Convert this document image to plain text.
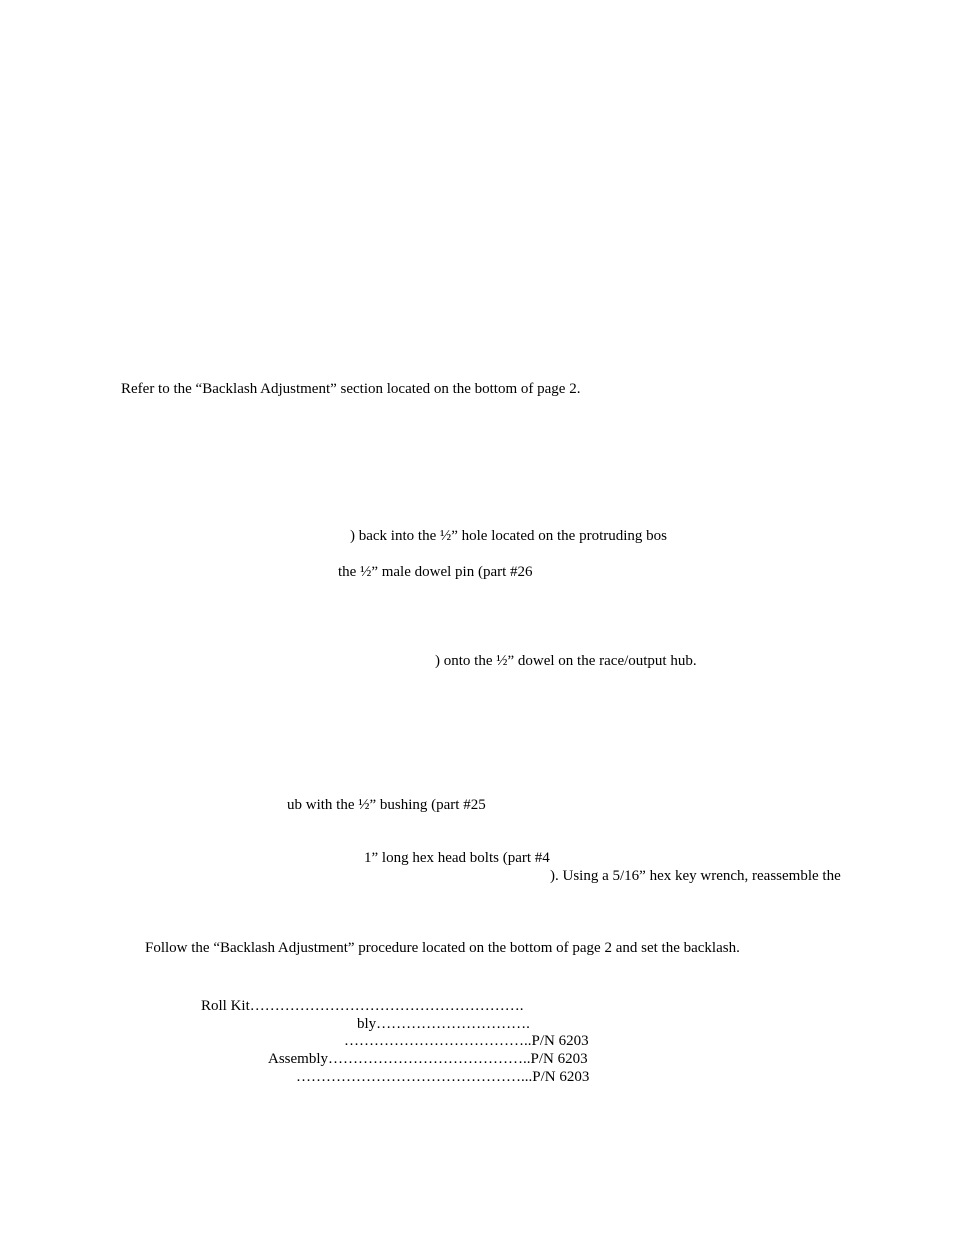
Refer to the “Backlash Adjustment” section located on the bottom of page 2.
) back into the ½” hole located on the protruding bos
the ½” male dowel pin (part #26
) onto the ½” dowel on the race/output hub.
ub with the ½” bushing (part #25
1” long hex head bolts (part #4
). Using a 5/16” hex key wrench, reassemble the
Follow the “Backlash Adjustment” procedure located on the bottom of page 2 and set the backlash.
Roll Kit……………………………………………….
bly………………………….
………………………………..P/N 6203
Assembly…………………………………..P/N 6203
………………………………………...P/N 6203
